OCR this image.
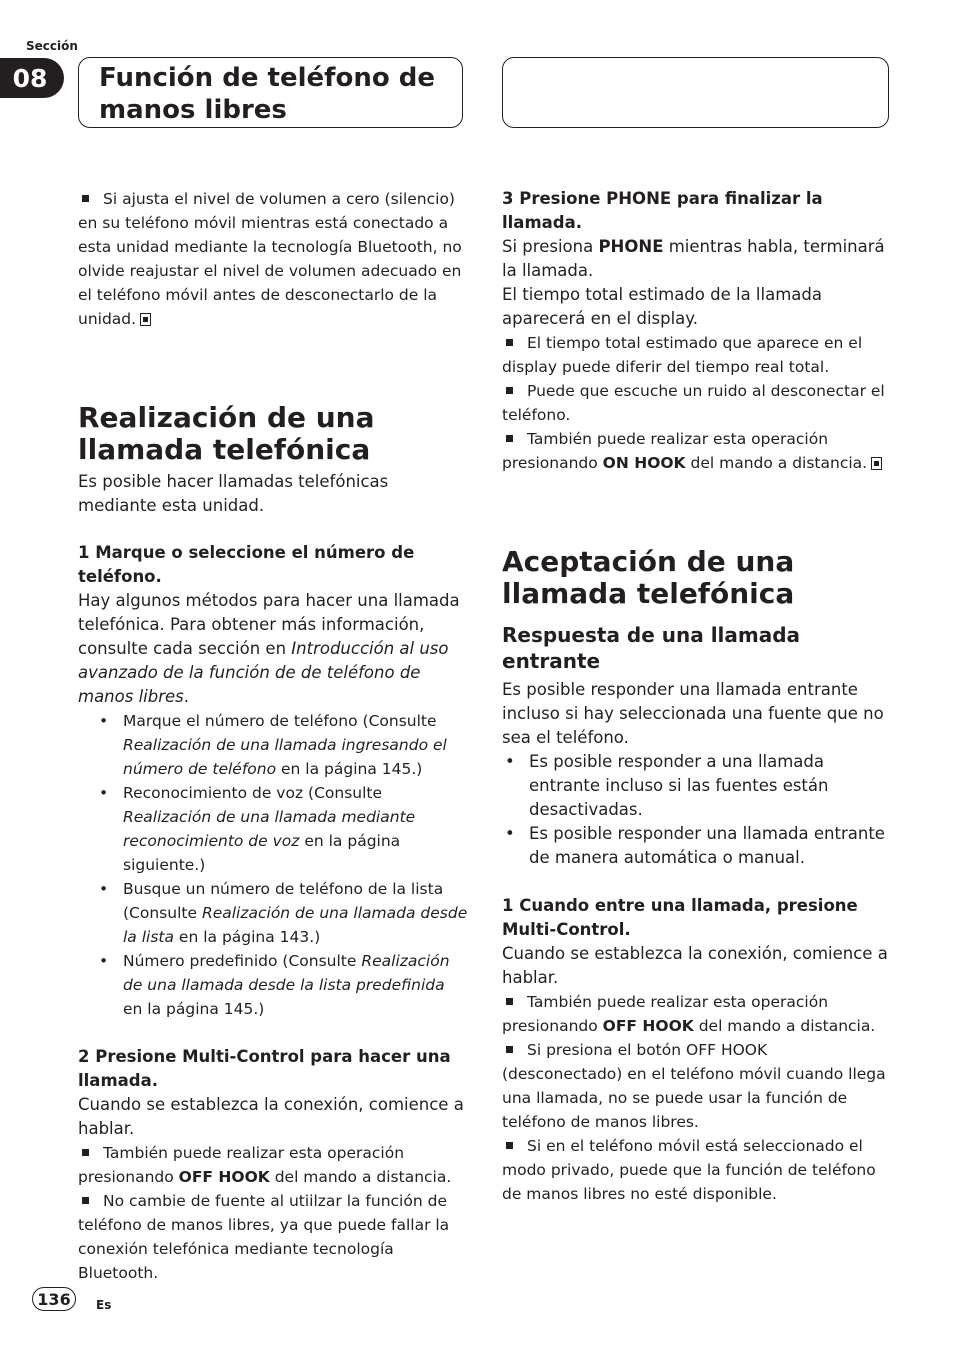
Sección
08	Función de teléfono de
manos libres

Si ajusta el nivel de volumen a cero (silencio) en su teléfono móvil mientras está conectado a esta unidad mediante la tecnología Bluetooth, no olvide reajustar el nivel de volumen adecuado en el teléfono móvil antes de desconectarlo de la unidad.

Realización de una llamada telefónica

Es posible hacer llamadas telefónicas mediante esta unidad.

1 Marque o seleccione el número de teléfono.

Hay algunos métodos para hacer una llamada telefónica. Para obtener más información, consulte cada sección en Introducción al uso avanzado de la función de de teléfono de manos libres.

• Marque el número de teléfono (Consulte Realización de una llamada ingresando el número de teléfono en la página 145.)
• Reconocimiento de voz (Consulte Realización de una llamada mediante reconocimiento de voz en la página siguiente.)
• Busque un número de teléfono de la lista (Consulte Realización de una llamada desde la lista en la página 143.)
• Número predefinido (Consulte Realización de una llamada desde la lista predefinida en la página 145.)

2 Presione Multi-Control para hacer una llamada.

Cuando se establezca la conexión, comience a hablar.

También puede realizar esta operación presionando OFF HOOK del mando a distancia.

No cambie de fuente al utiilzar la función de teléfono de manos libres, ya que puede fallar la conexión telefónica mediante tecnología Bluetooth.

3 Presione PHONE para finalizar la llamada.

Si presiona PHONE mientras habla, terminará la llamada.

El tiempo total estimado de la llamada aparecerá en el display.

El tiempo total estimado que aparece en el display puede diferir del tiempo real total.

Puede que escuche un ruido al desconectar el teléfono.

También puede realizar esta operación presionando ON HOOK del mando a distancia.

Aceptación de una llamada telefónica

Respuesta de una llamada entrante

Es posible responder una llamada entrante incluso si hay seleccionada una fuente que no sea el teléfono.

• Es posible responder a una llamada entrante incluso si las fuentes están desactivadas.
• Es posible responder una llamada entrante de manera automática o manual.

1 Cuando entre una llamada, presione Multi-Control.

Cuando se establezca la conexión, comience a hablar.

También puede realizar esta operación presionando OFF HOOK del mando a distancia.

Si presiona el botón OFF HOOK (desconectado) en el teléfono móvil cuando llega una llamada, no se puede usar la función de teléfono de manos libres.

Si en el teléfono móvil está seleccionado el modo privado, puede que la función de teléfono de manos libres no esté disponible.

136	Es
